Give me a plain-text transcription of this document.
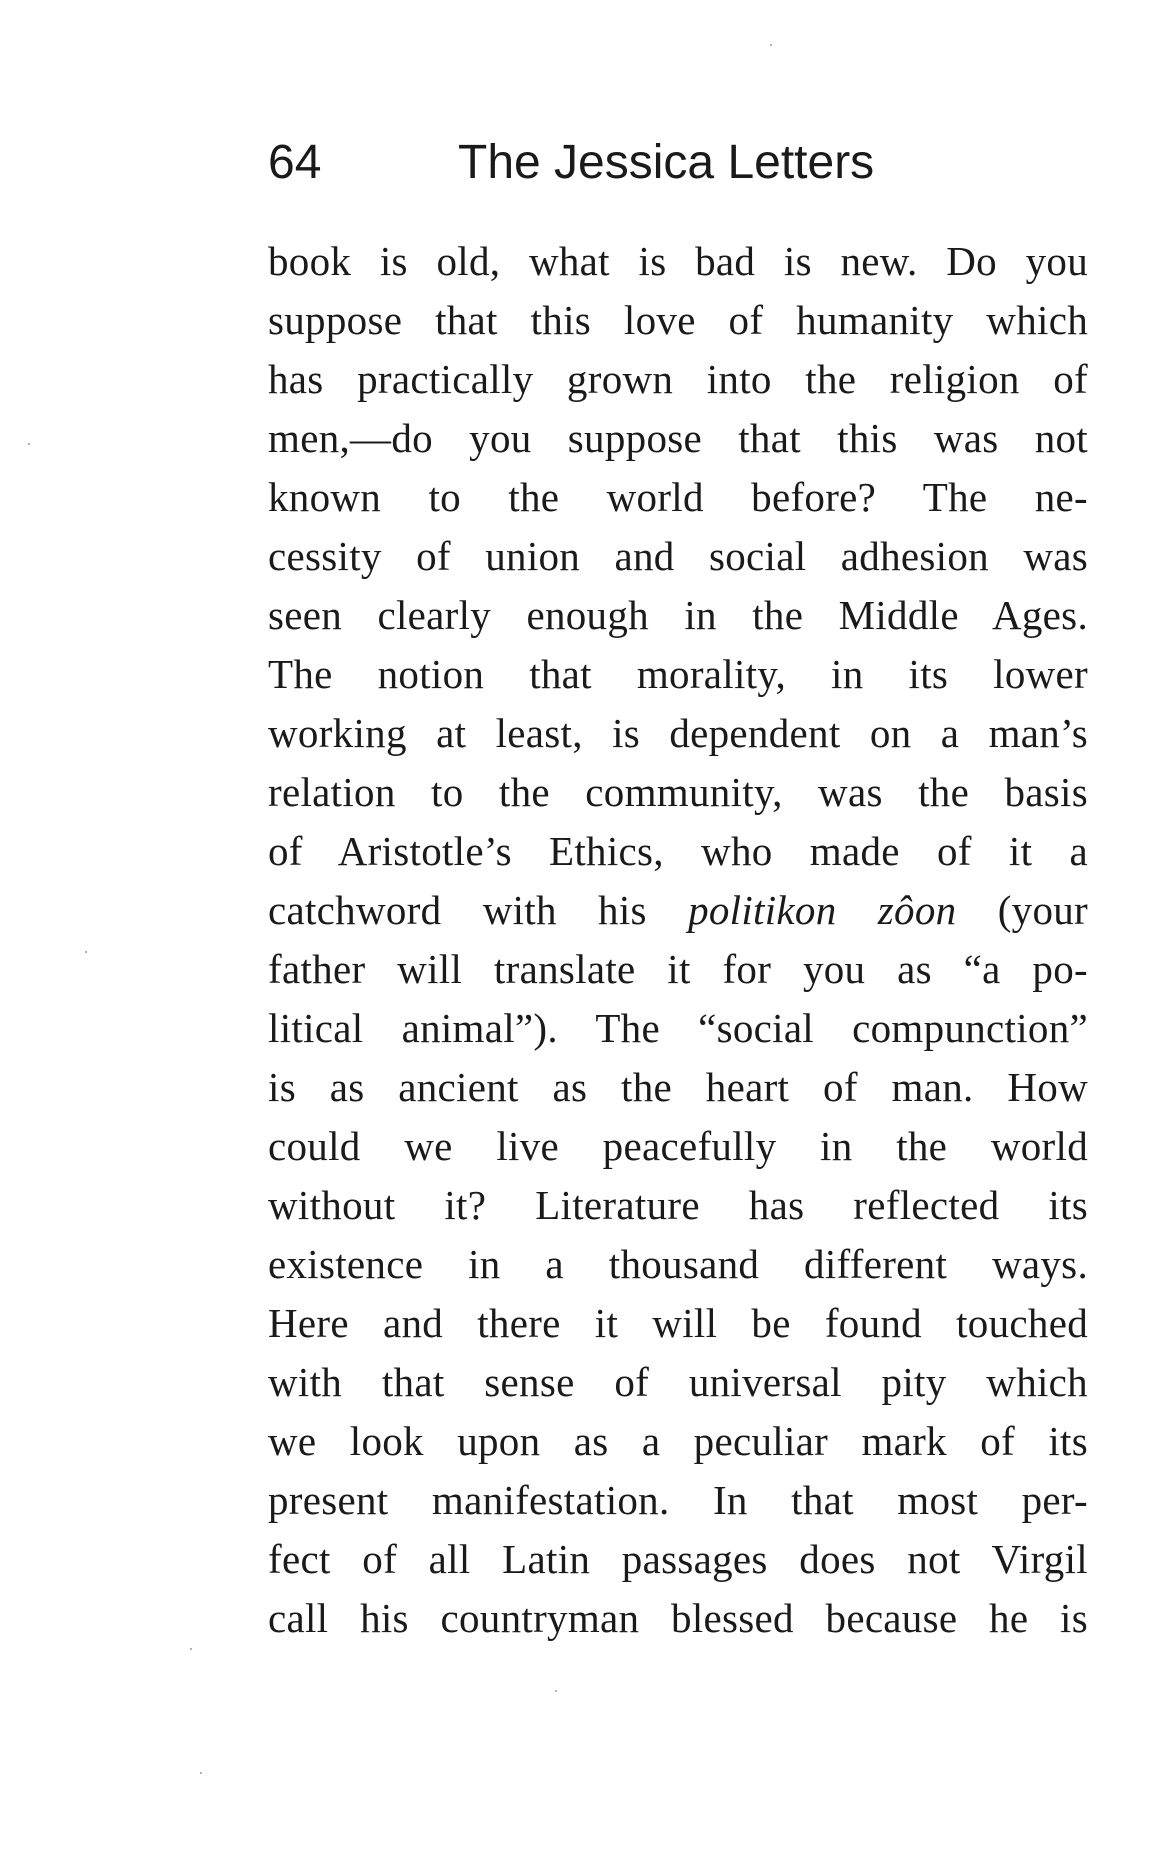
64	The Jessica Letters
book is old, what is bad is new. Do you
suppose that this love of humanity which
has practically grown into the religion of
men,—do you suppose that this was not
known to the world before? The ne-
cessity of union and social adhesion was
seen clearly enough in the Middle Ages.
The notion that morality, in its lower
working at least, is dependent on a man’s
relation to the community, was the basis
of Aristotle’s Ethics, who made of it a
catchword with his politikon zôon (your
father will translate it for you as “a po-
litical animal”). The “social compunction”
is as ancient as the heart of man. How
could we live peacefully in the world
without it? Literature has reflected its
existence in a thousand different ways.
Here and there it will be found touched
with that sense of universal pity which
we look upon as a peculiar mark of its
present manifestation. In that most per-
fect of all Latin passages does not Virgil
call his countryman blessed because he is
